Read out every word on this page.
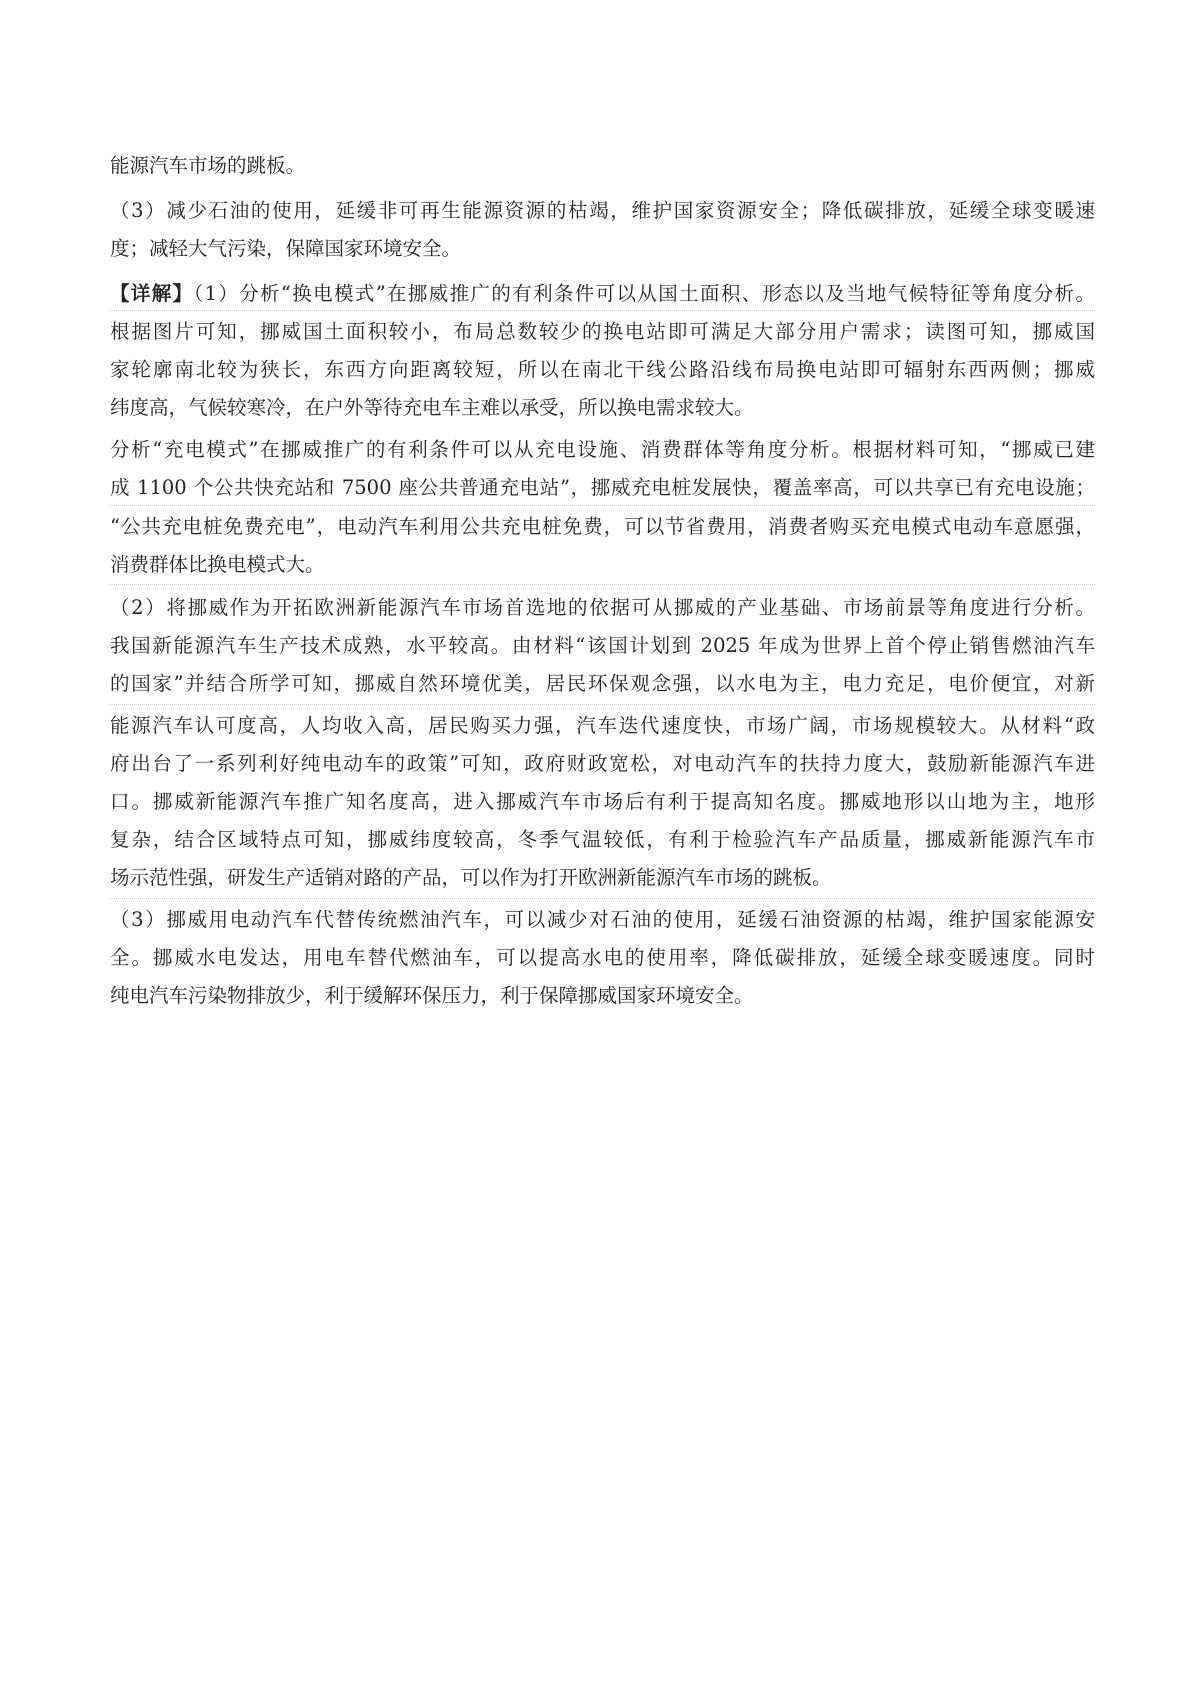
能源汽车市场的跳板。
（3）减少石油的使用，延缓非可再生能源资源的枯竭，维护国家资源安全；降低碳排放，延缓全球变暖速
度；减轻大气污染，保障国家环境安全。
【详解】（1）分析“换电模式”在挪威推广的有利条件可以从国土面积、形态以及当地气候特征等角度分析。
根据图片可知，挪威国土面积较小，布局总数较少的换电站即可满足大部分用户需求；读图可知，挪威国
家轮廓南北较为狭长，东西方向距离较短，所以在南北干线公路沿线布局换电站即可辐射东西两侧；挪威
纬度高，气候较寒冷，在户外等待充电车主难以承受，所以换电需求较大。
分析“充电模式”在挪威推广的有利条件可以从充电设施、消费群体等角度分析。根据材料可知，“挪威已建
成 1100 个公共快充站和 7500 座公共普通充电站”，挪威充电桩发展快，覆盖率高，可以共享已有充电设施；
“公共充电桩免费充电”，电动汽车利用公共充电桩免费，可以节省费用，消费者购买充电模式电动车意愿强，
消费群体比换电模式大。
（2）将挪威作为开拓欧洲新能源汽车市场首选地的依据可从挪威的产业基础、市场前景等角度进行分析。
我国新能源汽车生产技术成熟，水平较高。由材料“该国计划到 2025 年成为世界上首个停止销售燃油汽车
的国家”并结合所学可知，挪威自然环境优美，居民环保观念强，以水电为主，电力充足，电价便宜，对新
能源汽车认可度高，人均收入高，居民购买力强，汽车迭代速度快，市场广阔，市场规模较大。从材料“政
府出台了一系列利好纯电动车的政策”可知，政府财政宽松，对电动汽车的扶持力度大，鼓励新能源汽车进
口。挪威新能源汽车推广知名度高，进入挪威汽车市场后有利于提高知名度。挪威地形以山地为主，地形
复杂，结合区域特点可知，挪威纬度较高，冬季气温较低，有利于检验汽车产品质量，挪威新能源汽车市
场示范性强，研发生产适销对路的产品，可以作为打开欧洲新能源汽车市场的跳板。
（3）挪威用电动汽车代替传统燃油汽车，可以减少对石油的使用，延缓石油资源的枯竭，维护国家能源安
全。挪威水电发达，用电车替代燃油车，可以提高水电的使用率，降低碳排放，延缓全球变暖速度。同时
纯电汽车污染物排放少，利于缓解环保压力，利于保障挪威国家环境安全。
